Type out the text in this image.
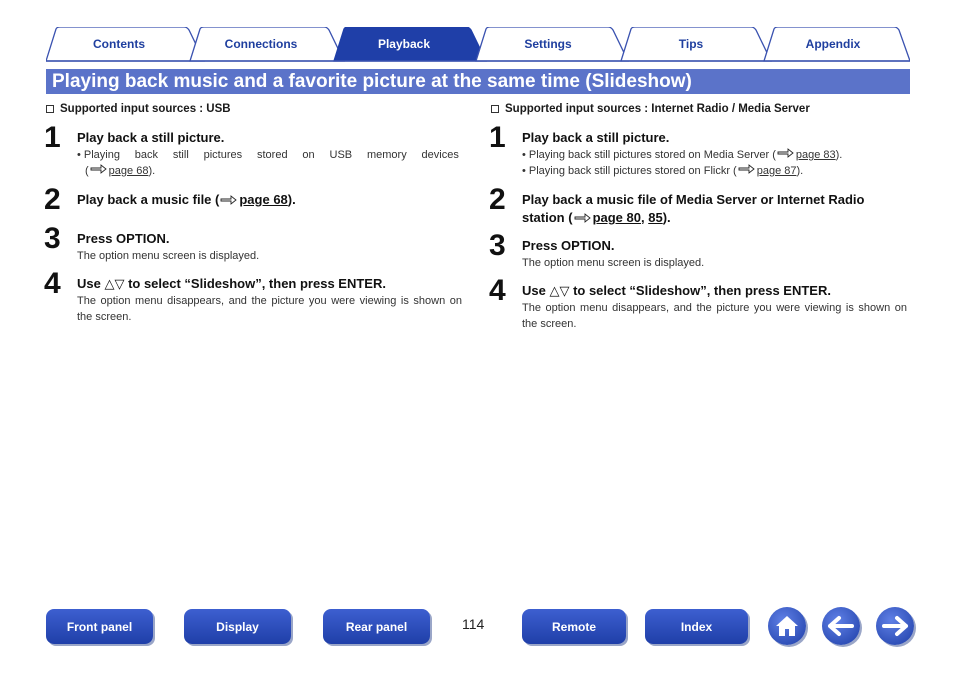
Contents	Connections	Playback	Settings	Tips	Appendix
Playing back music and a favorite picture at the same time (Slideshow)
Supported input sources : USB
1 Play back a still picture.
• Playing back still pictures stored on USB memory devices
( page 68 ).
2 Play back a music file ( page 68).
3 Press OPTION.
The option menu screen is displayed.
4 Use △▽ to select “Slideshow”, then press ENTER.
The option menu disappears, and the picture you were viewing is shown on the screen.
Supported input sources : Internet Radio / Media Server
1 Play back a still picture.
• Playing back still pictures stored on Media Server ( page 83 ).
• Playing back still pictures stored on Flickr ( page 87 ).
2 Play back a music file of Media Server or Internet Radio
station ( page 80, 85).
3 Press OPTION.
The option menu screen is displayed.
4 Use △▽ to select “Slideshow”, then press ENTER.
The option menu disappears, and the picture you were viewing is shown on the screen.
Front panel	Display	Rear panel	114	Remote	Index
